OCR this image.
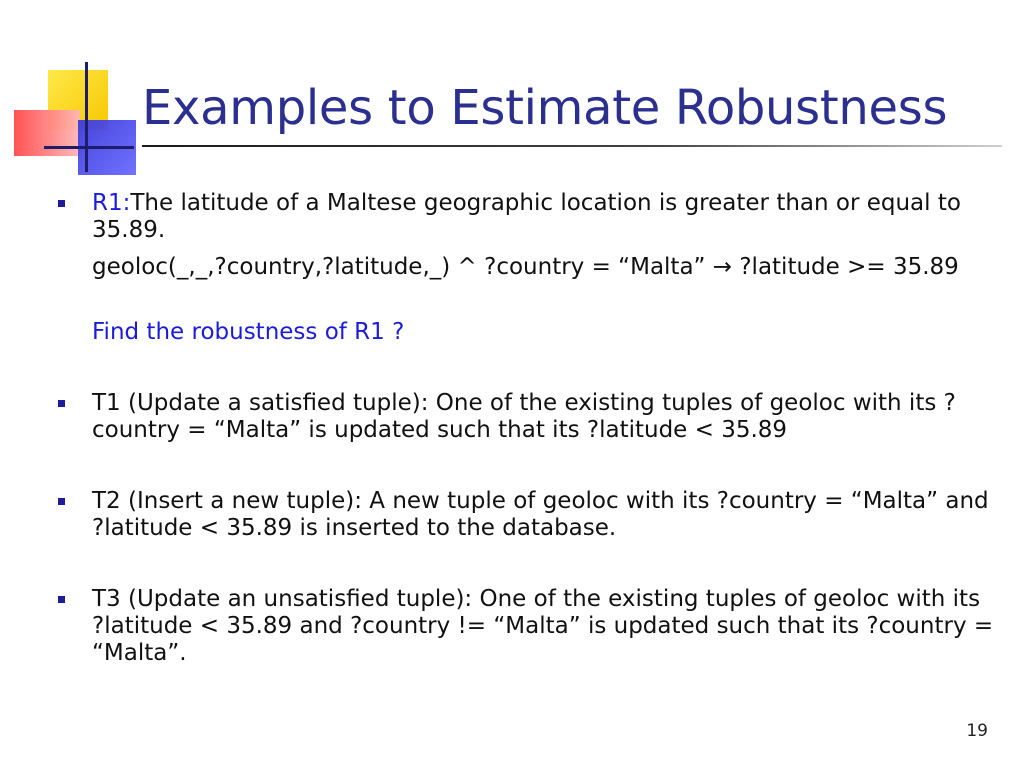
Examples to Estimate Robustness

R1:The latitude of a Maltese geographic location is greater than or equal to 35.89.

geoloc(_,_,?country,?latitude,_) ^ ?country = “Malta” → ?latitude >= 35.89

Find the robustness of R1 ?

T1 (Update a satisfied tuple): One of the existing tuples of geoloc with its ?country = “Malta” is updated such that its ?latitude < 35.89

T2 (Insert a new tuple): A new tuple of geoloc with its ?country = “Malta” and ?latitude < 35.89 is inserted to the database.

T3 (Update an unsatisfied tuple): One of the existing tuples of geoloc with its ?latitude < 35.89 and ?country != “Malta” is updated such that its ?country = “Malta”.

19
